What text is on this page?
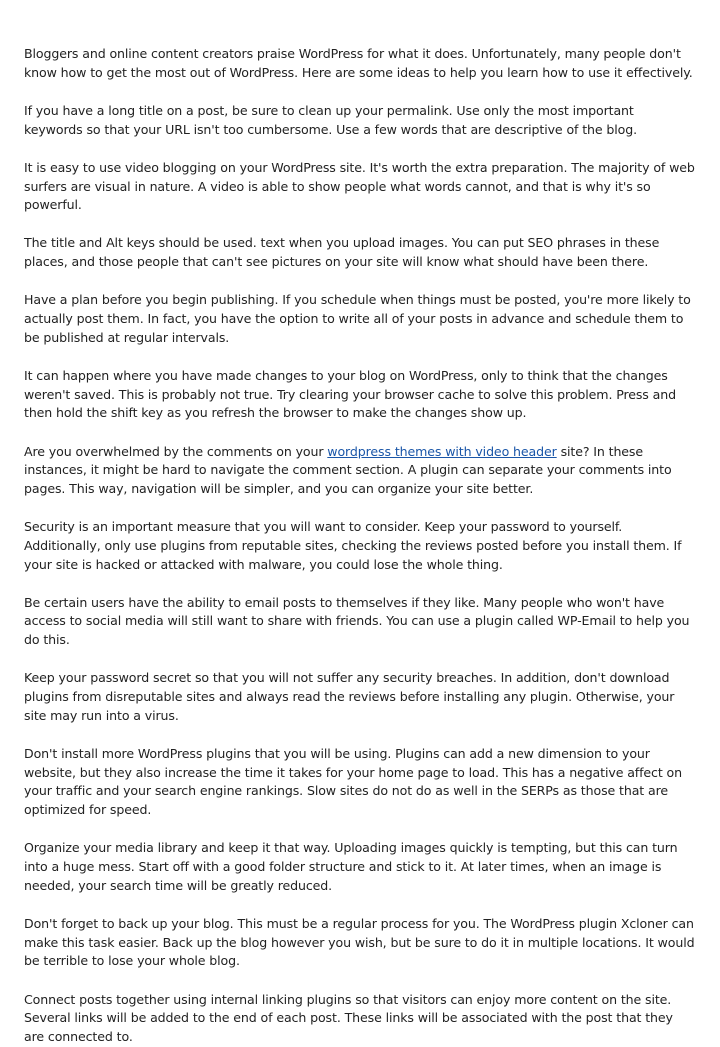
Bloggers and online content creators praise WordPress for what it does. Unfortunately, many people don't know how to get the most out of WordPress. Here are some ideas to help you learn how to use it effectively.

If you have a long title on a post, be sure to clean up your permalink. Use only the most important keywords so that your URL isn't too cumbersome. Use a few words that are descriptive of the blog.

It is easy to use video blogging on your WordPress site. It's worth the extra preparation. The majority of web surfers are visual in nature. A video is able to show people what words cannot, and that is why it's so powerful.

The title and Alt keys should be used. text when you upload images. You can put SEO phrases in these places, and those people that can't see pictures on your site will know what should have been there.

Have a plan before you begin publishing. If you schedule when things must be posted, you're more likely to actually post them. In fact, you have the option to write all of your posts in advance and schedule them to be published at regular intervals.

It can happen where you have made changes to your blog on WordPress, only to think that the changes weren't saved. This is probably not true. Try clearing your browser cache to solve this problem. Press and then hold the shift key as you refresh the browser to make the changes show up.

Are you overwhelmed by the comments on your wordpress themes with video header site? In these instances, it might be hard to navigate the comment section. A plugin can separate your comments into pages. This way, navigation will be simpler, and you can organize your site better.

Security is an important measure that you will want to consider. Keep your password to yourself. Additionally, only use plugins from reputable sites, checking the reviews posted before you install them. If your site is hacked or attacked with malware, you could lose the whole thing.

Be certain users have the ability to email posts to themselves if they like. Many people who won't have access to social media will still want to share with friends. You can use a plugin called WP-Email to help you do this.

Keep your password secret so that you will not suffer any security breaches. In addition, don't download plugins from disreputable sites and always read the reviews before installing any plugin. Otherwise, your site may run into a virus.

Don't install more WordPress plugins that you will be using. Plugins can add a new dimension to your website, but they also increase the time it takes for your home page to load. This has a negative affect on your traffic and your search engine rankings. Slow sites do not do as well in the SERPs as those that are optimized for speed.

Organize your media library and keep it that way. Uploading images quickly is tempting, but this can turn into a huge mess. Start off with a good folder structure and stick to it. At later times, when an image is needed, your search time will be greatly reduced.

Don't forget to back up your blog. This must be a regular process for you. The WordPress plugin Xcloner can make this task easier. Back up the blog however you wish, but be sure to do it in multiple locations. It would be terrible to lose your whole blog.

Connect posts together using internal linking plugins so that visitors can enjoy more content on the site. Several links will be added to the end of each post. These links will be associated with the post that they are connected to.
